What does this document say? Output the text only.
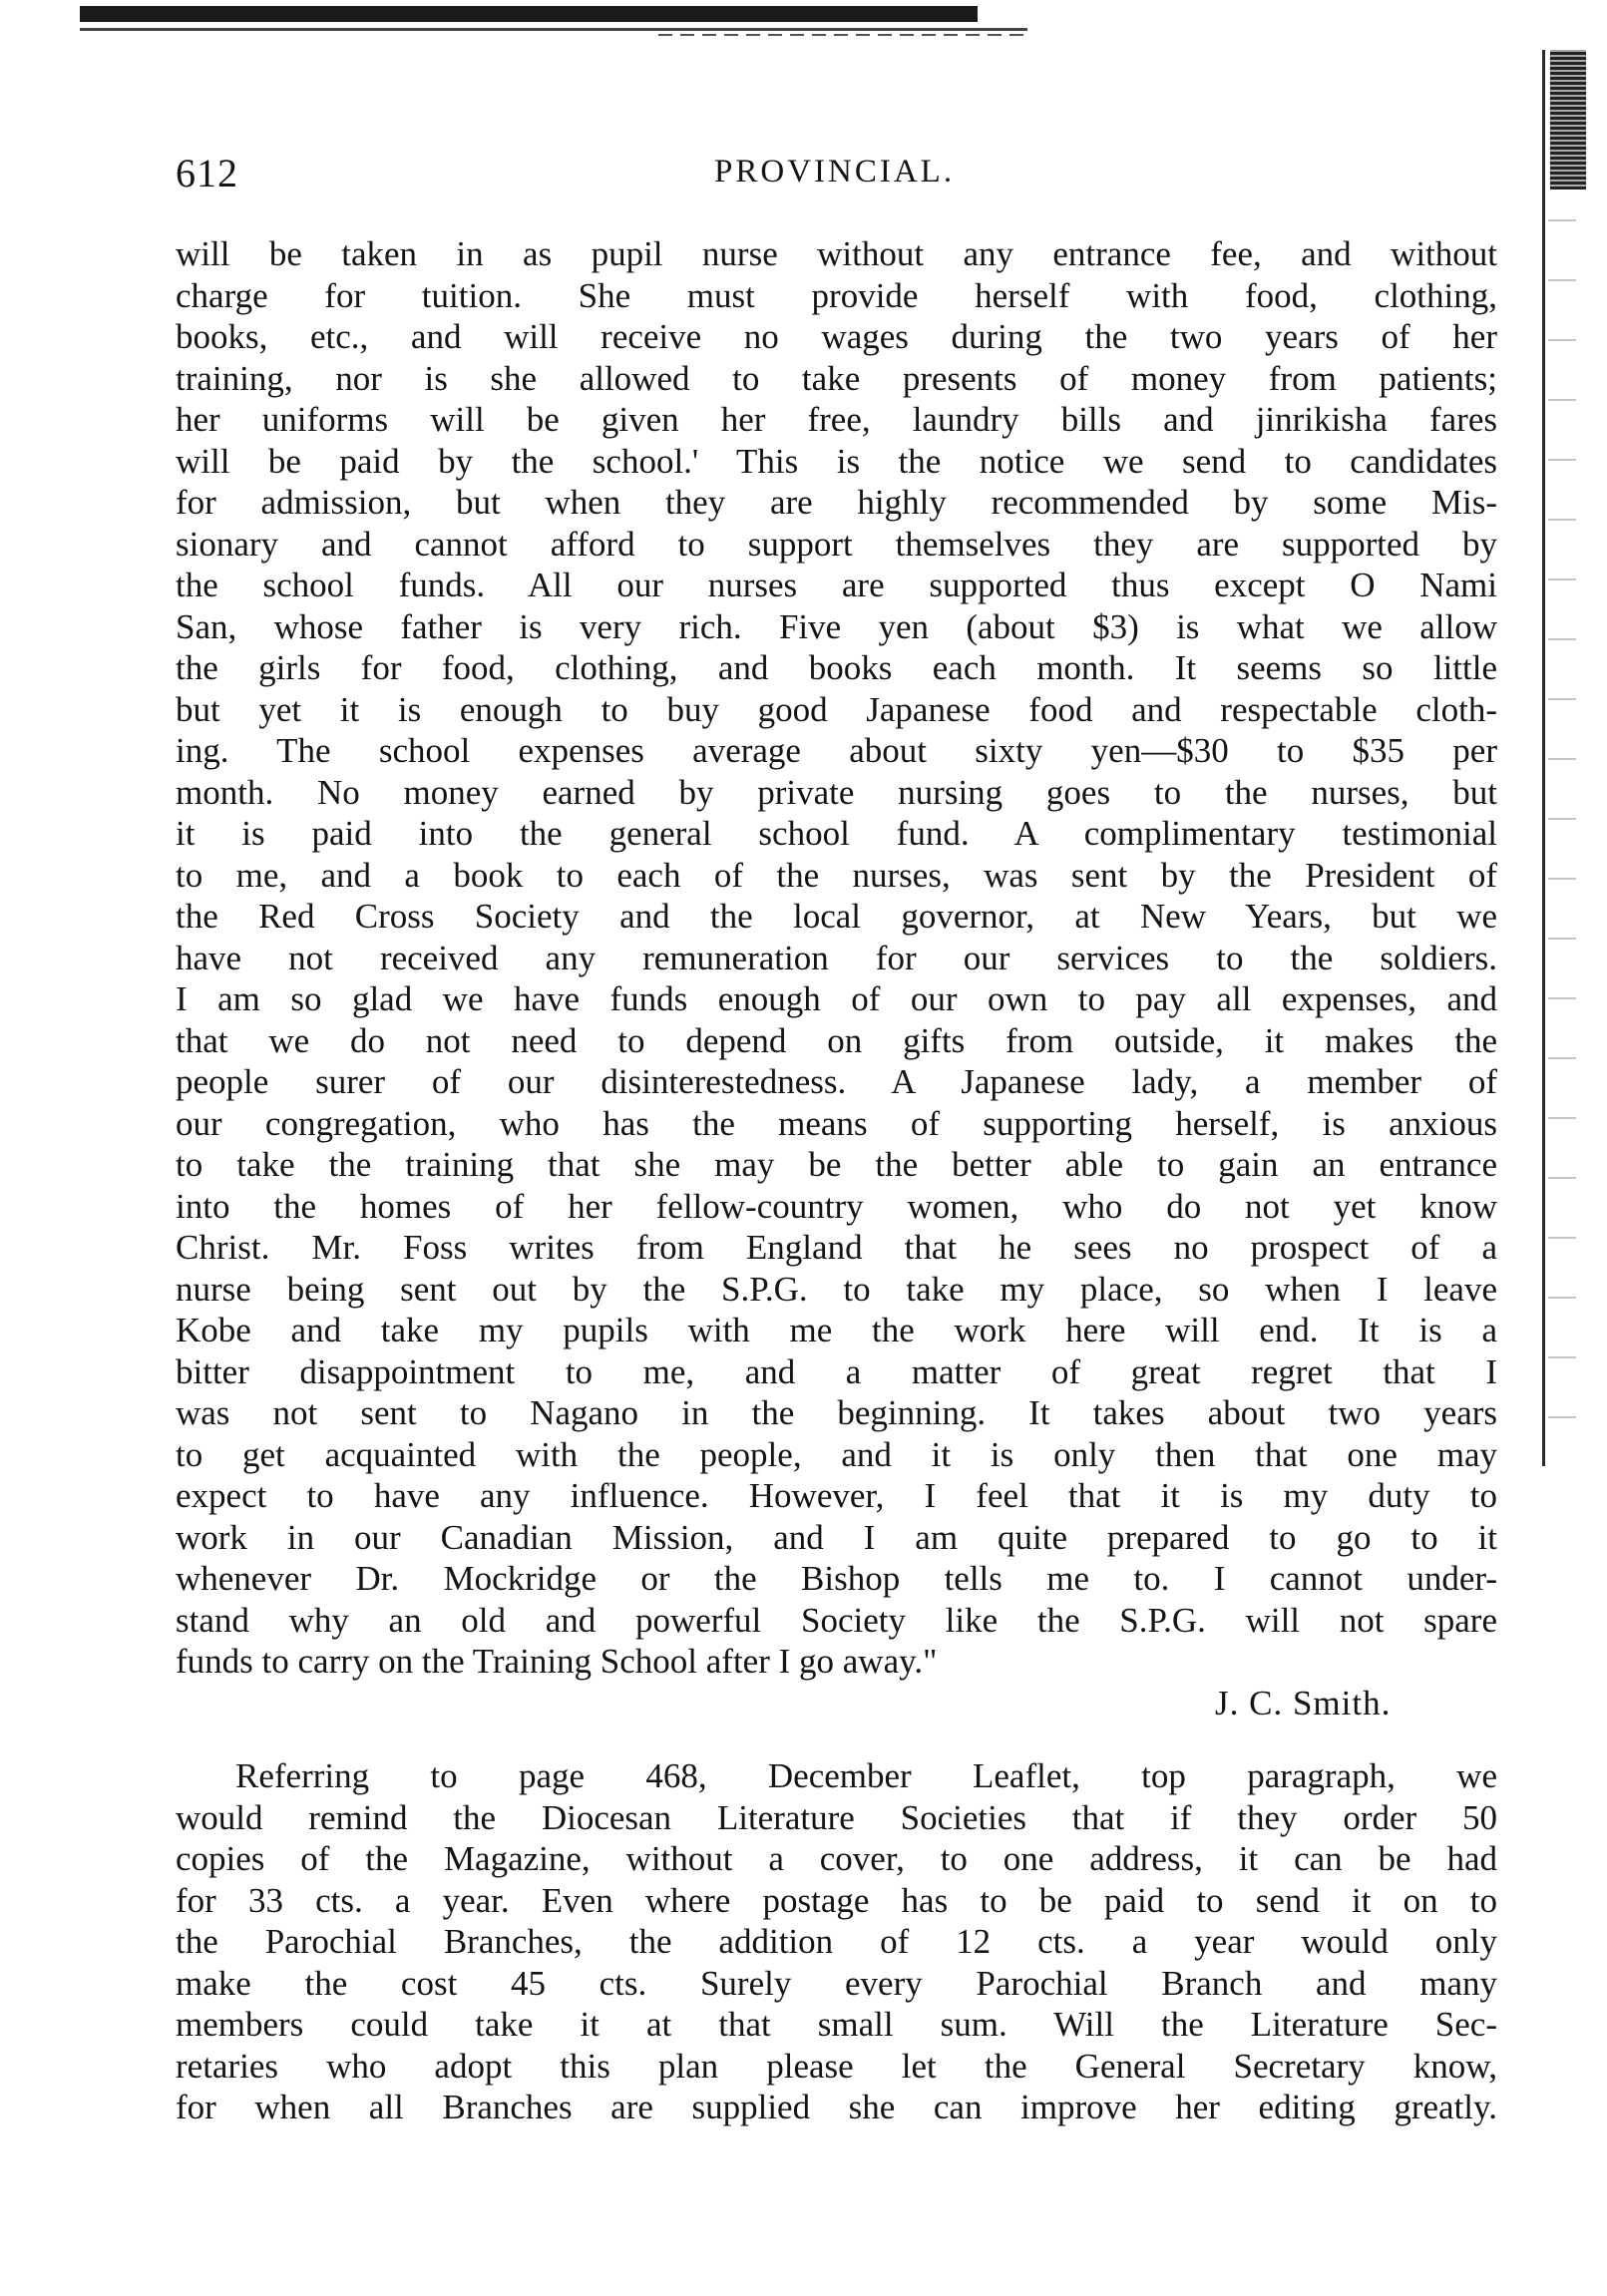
612	PROVINCIAL.
will be taken in as pupil nurse without any entrance fee, and without
charge for tuition. She must provide herself with food, clothing,
books, etc., and will receive no wages during the two years of her
training, nor is she allowed to take presents of money from patients;
her uniforms will be given her free, laundry bills and jinrikisha fares
will be paid by the school.' This is the notice we send to candidates
for admission, but when they are highly recommended by some Mis-
sionary and cannot afford to support themselves they are supported by
the school funds. All our nurses are supported thus except O Nami
San, whose father is very rich. Five yen (about $3) is what we allow
the girls for food, clothing, and books each month. It seems so little
but yet it is enough to buy good Japanese food and respectable cloth-
ing. The school expenses average about sixty yen—$30 to $35 per
month. No money earned by private nursing goes to the nurses, but
it is paid into the general school fund. A complimentary testimonial
to me, and a book to each of the nurses, was sent by the President of
the Red Cross Society and the local governor, at New Years, but we
have not received any remuneration for our services to the soldiers.
I am so glad we have funds enough of our own to pay all expenses, and
that we do not need to depend on gifts from outside, it makes the
people surer of our disinterestedness. A Japanese lady, a member of
our congregation, who has the means of supporting herself, is anxious
to take the training that she may be the better able to gain an entrance
into the homes of her fellow-country women, who do not yet know
Christ. Mr. Foss writes from England that he sees no prospect of a
nurse being sent out by the S.P.G. to take my place, so when I leave
Kobe and take my pupils with me the work here will end. It is a
bitter disappointment to me, and a matter of great regret that I
was not sent to Nagano in the beginning. It takes about two years
to get acquainted with the people, and it is only then that one may
expect to have any influence. However, I feel that it is my duty to
work in our Canadian Mission, and I am quite prepared to go to it
whenever Dr. Mockridge or the Bishop tells me to. I cannot under-
stand why an old and powerful Society like the S.P.G. will not spare
funds to carry on the Training School after I go away."
J. C. Smith.
Referring to page 468, December Leaflet, top paragraph, we
would remind the Diocesan Literature Societies that if they order 50
copies of the Magazine, without a cover, to one address, it can be had
for 33 cts. a year. Even where postage has to be paid to send it on to
the Parochial Branches, the addition of 12 cts. a year would only
make the cost 45 cts. Surely every Parochial Branch and many
members could take it at that small sum. Will the Literature Sec-
retaries who adopt this plan please let the General Secretary know,
for when all Branches are supplied she can improve her editing greatly.
